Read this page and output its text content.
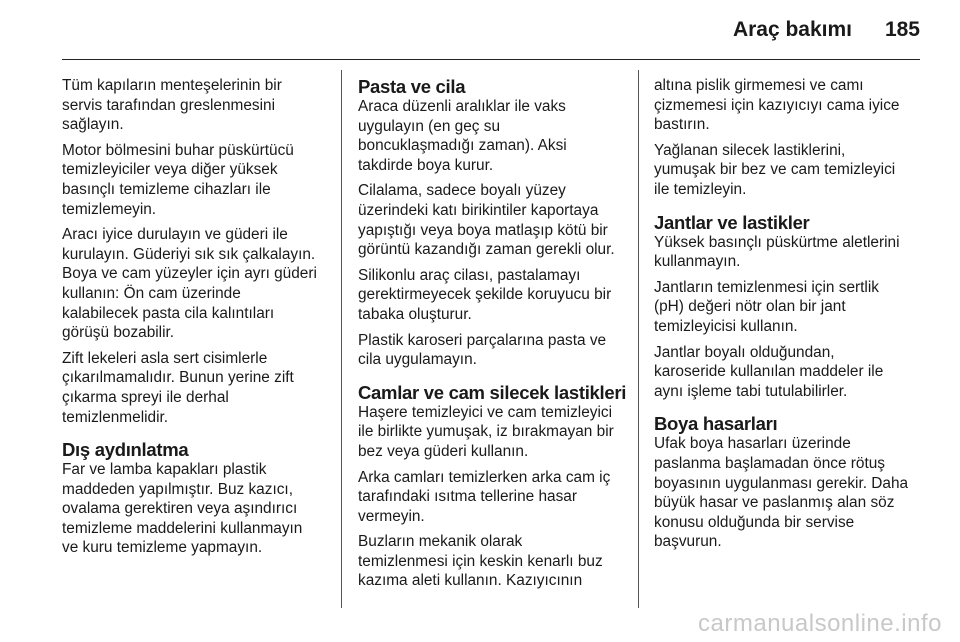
Araç bakımı 185

Tüm kapıların menteşelerinin bir
servis tarafından greslenmesini
sağlayın.

Motor bölmesini buhar püskürtücü
temizleyiciler veya diğer yüksek
basınçlı temizleme cihazları ile
temizlemeyin.

Aracı iyice durulayın ve güderi ile
kurulayın. Güderiyi sık sık çalkalayın.
Boya ve cam yüzeyler için ayrı güderi
kullanın: Ön cam üzerinde
kalabilecek pasta cila kalıntıları
görüşü bozabilir.

Zift lekeleri asla sert cisimlerle
çıkarılmamalıdır. Bunun yerine zift
çıkarma spreyi ile derhal
temizlenmelidir.

Dış aydınlatma

Far ve lamba kapakları plastik
maddeden yapılmıştır. Buz kazıcı,
ovalama gerektiren veya aşındırıcı
temizleme maddelerini kullanmayın
ve kuru temizleme yapmayın.

Pasta ve cila

Araca düzenli aralıklar ile vaks
uygulayın (en geç su
boncuklaşmadığı zaman). Aksi
takdirde boya kurur.

Cilalama, sadece boyalı yüzey
üzerindeki katı birikintiler kaportaya
yapıştığı veya boya matlaşıp kötü bir
görüntü kazandığı zaman gerekli olur.

Silikonlu araç cilası, pastalamayı
gerektirmeyecek şekilde koruyucu bir
tabaka oluşturur.

Plastik karoseri parçalarına pasta ve
cila uygulamayın.

Camlar ve cam silecek lastikleri

Haşere temizleyici ve cam temizleyici
ile birlikte yumuşak, iz bırakmayan bir
bez veya güderi kullanın.

Arka camları temizlerken arka cam iç
tarafındaki ısıtma tellerine hasar
vermeyin.

Buzların mekanik olarak
temizlenmesi için keskin kenarlı buz
kazıma aleti kullanın. Kazıyıcının

altına pislik girmemesi ve camı
çizmemesi için kazıyıcıyı cama iyice
bastırın.

Yağlanan silecek lastiklerini,
yumuşak bir bez ve cam temizleyici
ile temizleyin.

Jantlar ve lastikler

Yüksek basınçlı püskürtme aletlerini
kullanmayın.

Jantların temizlenmesi için sertlik
(pH) değeri nötr olan bir jant
temizleyicisi kullanın.

Jantlar boyalı olduğundan,
karoseride kullanılan maddeler ile
aynı işleme tabi tutulabilirler.

Boya hasarları

Ufak boya hasarları üzerinde
paslanma başlamadan önce rötuş
boyasının uygulanması gerekir. Daha
büyük hasar ve paslanmış alan söz
konusu olduğunda bir servise
başvurun.

carmanualsonline.info
